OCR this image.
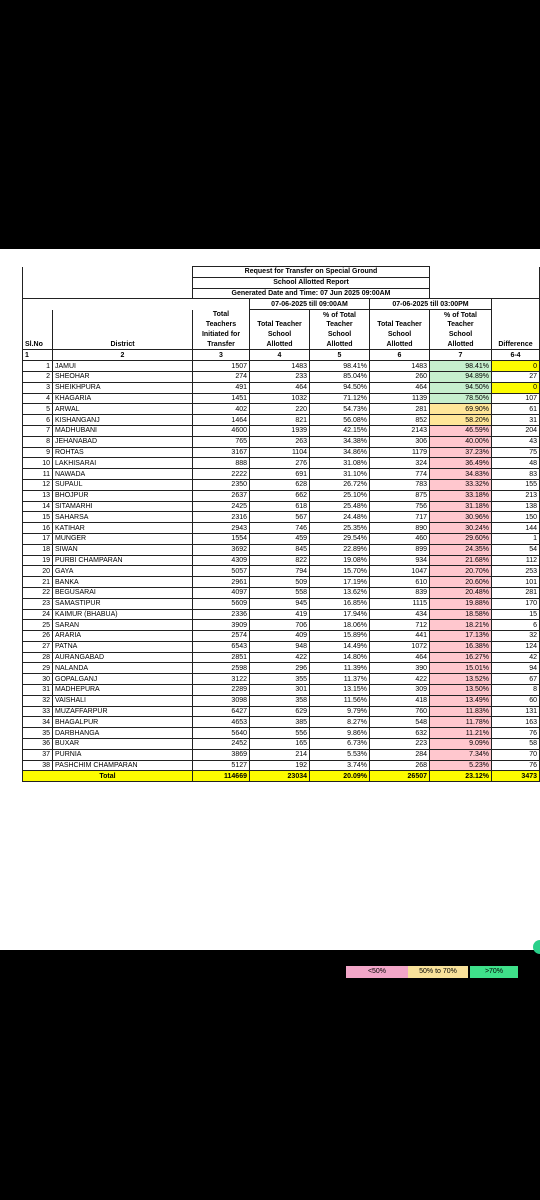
		Request for Transfer on Special Ground					
		School Allotted Report					
		Generated Date and Time: 07 Jun 2025 09:00AM					
			07-06-2025 till 09:00AM		07-06-2025 till 03:00PM		
		Total		% of Total		% of Total	
		Teachers	Total Teacher	Teacher	Total Teacher	Teacher	
		Initiated for	School	School	School	School	
Sl.No	District	Transfer	Allotted	Allotted	Allotted	Allotted	Difference
1	2	3	4	5	6	7	6-4
1	JAMUI	1507	1483	98.41%	1483	98.41%	0
2	SHEOHAR	274	233	85.04%	260	94.89%	27
3	SHEIKHPURA	491	464	94.50%	464	94.50%	0
4	KHAGARIA	1451	1032	71.12%	1139	78.50%	107
5	ARWAL	402	220	54.73%	281	69.90%	61
6	KISHANGANJ	1464	821	56.08%	852	58.20%	31
7	MADHUBANI	4600	1939	42.15%	2143	46.59%	204
8	JEHANABAD	765	263	34.38%	306	40.00%	43
9	ROHTAS	3167	1104	34.86%	1179	37.23%	75
10	LAKHISARAI	888	276	31.08%	324	36.49%	48
11	NAWADA	2222	691	31.10%	774	34.83%	83
12	SUPAUL	2350	628	26.72%	783	33.32%	155
13	BHOJPUR	2637	662	25.10%	875	33.18%	213
14	SITAMARHI	2425	618	25.48%	756	31.18%	138
15	SAHARSA	2316	567	24.48%	717	30.96%	150
16	KATIHAR	2943	746	25.35%	890	30.24%	144
17	MUNGER	1554	459	29.54%	460	29.60%	1
18	SIWAN	3692	845	22.89%	899	24.35%	54
19	PURBI CHAMPARAN	4309	822	19.08%	934	21.68%	112
20	GAYA	5057	794	15.70%	1047	20.70%	253
21	BANKA	2961	509	17.19%	610	20.60%	101
22	BEGUSARAI	4097	558	13.62%	839	20.48%	281
23	SAMASTIPUR	5609	945	16.85%	1115	19.88%	170
24	KAIMUR (BHABUA)	2336	419	17.94%	434	18.58%	15
25	SARAN	3909	706	18.06%	712	18.21%	6
26	ARARIA	2574	409	15.89%	441	17.13%	32
27	PATNA	6543	948	14.49%	1072	16.38%	124
28	AURANGABAD	2851	422	14.80%	464	16.27%	42
29	NALANDA	2598	296	11.39%	390	15.01%	94
30	GOPALGANJ	3122	355	11.37%	422	13.52%	67
31	MADHEPURA	2289	301	13.15%	309	13.50%	8
32	VAISHALI	3098	358	11.56%	418	13.49%	60
33	MUZAFFARPUR	6427	629	9.79%	760	11.83%	131
34	BHAGALPUR	4653	385	8.27%	548	11.78%	163
35	DARBHANGA	5640	556	9.86%	632	11.21%	76
36	BUXAR	2452	165	6.73%	223	9.09%	58
37	PURNIA	3869	214	5.53%	284	7.34%	70
38	PASHCHIM CHAMPARAN	5127	192	3.74%	268	5.23%	76
Total		114669	23034	20.09%	26507	23.12%	3473
<50%	50% to 70%	>70%
